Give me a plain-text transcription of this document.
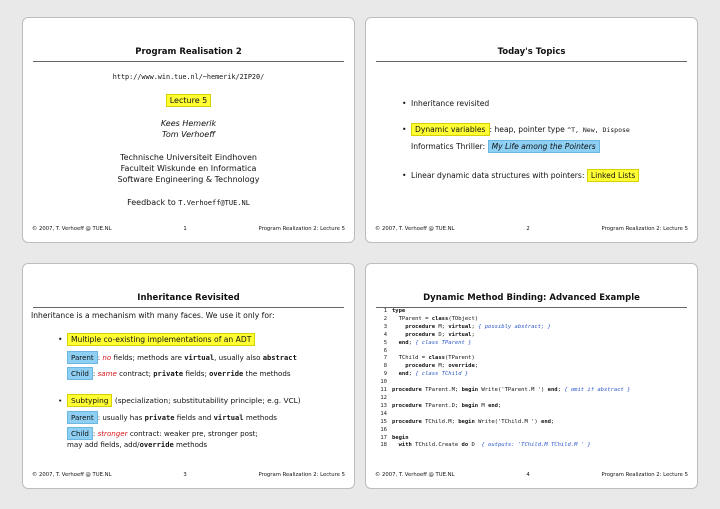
Program Realisation 2
http://www.win.tue.nl/~hemerik/2IP20/
Lecture 5
Kees Hemerik
Tom Verhoeff
Technische Universiteit Eindhoven
Faculteit Wiskunde en Informatica
Software Engineering & Technology
Feedback to T.Verhoeff@TUE.NL
© 2007, T. Verhoeff @ TUE.NL	1	Program Realization 2: Lecture 5
Today's Topics
• Inheritance revisited
• Dynamic variables : heap, pointer type ^T, New, Dispose
Informatics Thriller: My Life among the Pointers
• Linear dynamic data structures with pointers: Linked Lists
© 2007, T. Verhoeff @ TUE.NL	2	Program Realization 2: Lecture 5
Inheritance Revisited
Inheritance is a mechanism with many faces. We use it only for:
• Multiple co-existing implementations of an ADT
Parent : no fields; methods are virtual, usually also abstract
Child : same contract; private fields; override the methods
• Subtyping (specialization; substitutability principle; e.g. VCL)
Parent : usually has private fields and virtual methods
Child : stronger contract: weaker pre, stronger post;
may add fields, add/override methods
© 2007, T. Verhoeff @ TUE.NL	3	Program Realization 2: Lecture 5
Dynamic Method Binding: Advanced Example
1 type
2  TParent = class(TObject)
3	procedure M; virtual; { possibly abstract; }
4	procedure D; virtual;
5 end; { class TParent }
6
7  TChild = class(TParent)
8	procedure M; override;
9 end; { class TChild }
10
11 procedure TParent.M; begin Write('TParent.M ') end; { omit if abstract }
12
13 procedure TParent.D; begin M end;
14
15 procedure TChild.M; begin Write('TChild.M ') end;
16
17 begin
18 with TChild.Create do D  { outputs: 'TChild.M TChild.M ' }
© 2007, T. Verhoeff @ TUE.NL	4	Program Realization 2: Lecture 5
